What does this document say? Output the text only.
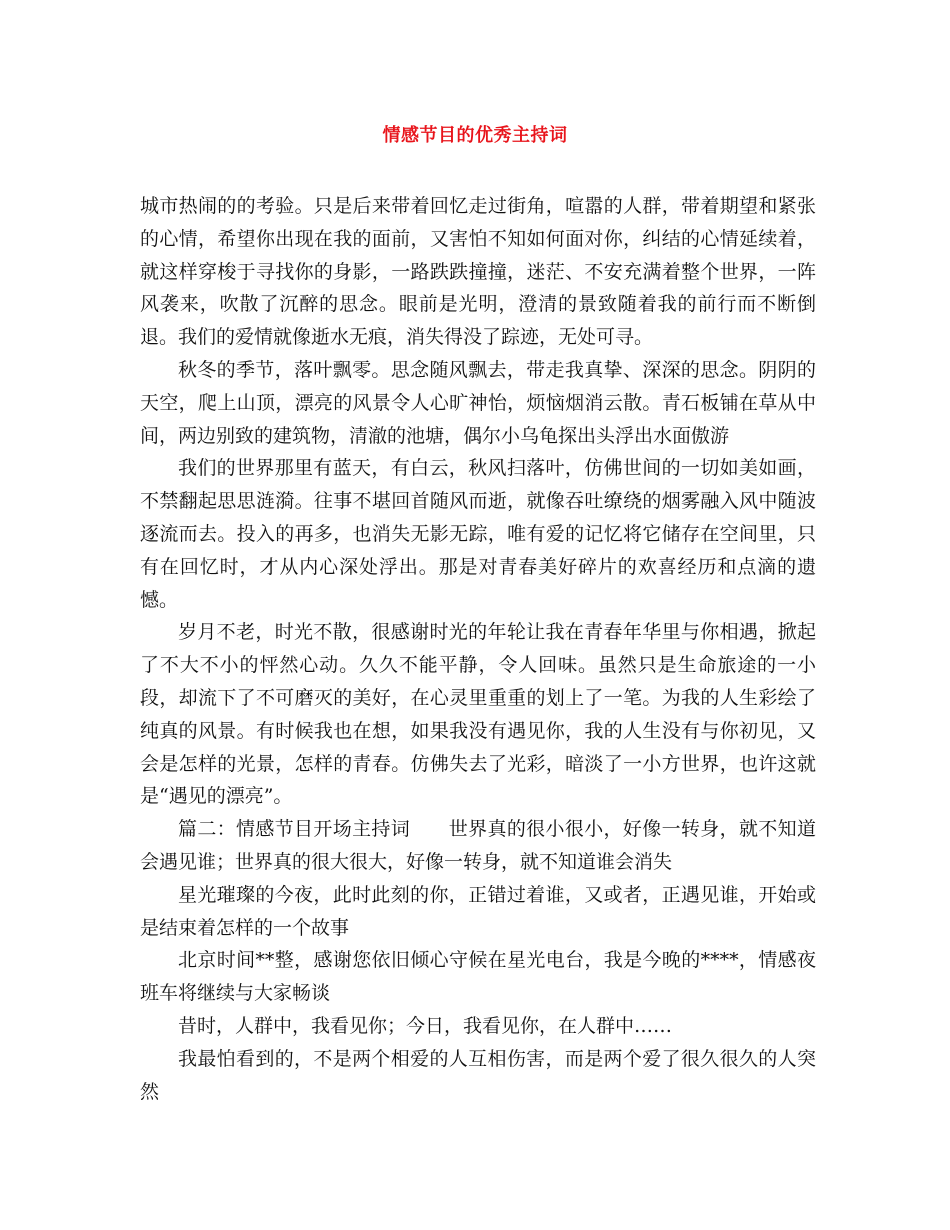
情感节目的优秀主持词

城市热闹的的考验。只是后来带着回忆走过街角，喧嚣的人群，带着期望和紧张的心情，希望你出现在我的面前，又害怕不知如何面对你，纠结的心情延续着，就这样穿梭于寻找你的身影，一路跌跌撞撞，迷茫、不安充满着整个世界，一阵风袭来，吹散了沉醉的思念。眼前是光明，澄清的景致随着我的前行而不断倒退。我们的爱情就像逝水无痕，消失得没了踪迹，无处可寻。

秋冬的季节，落叶飘零。思念随风飘去，带走我真挚、深深的思念。阴阴的天空，爬上山顶，漂亮的风景令人心旷神怡，烦恼烟消云散。青石板铺在草从中间，两边别致的建筑物，清澈的池塘，偶尔小乌龟探出头浮出水面傲游

我们的世界那里有蓝天，有白云，秋风扫落叶，仿佛世间的一切如美如画，不禁翻起思思涟漪。往事不堪回首随风而逝，就像吞吐缭绕的烟雾融入风中随波逐流而去。投入的再多，也消失无影无踪，唯有爱的记忆将它储存在空间里，只有在回忆时，才从内心深处浮出。那是对青春美好碎片的欢喜经历和点滴的遗憾。

岁月不老，时光不散，很感谢时光的年轮让我在青春年华里与你相遇，掀起了不大不小的怦然心动。久久不能平静，令人回味。虽然只是生命旅途的一小段，却流下了不可磨灭的美好，在心灵里重重的划上了一笔。为我的人生彩绘了纯真的风景。有时候我也在想，如果我没有遇见你，我的人生没有与你初见，又会是怎样的光景，怎样的青春。仿佛失去了光彩，暗淡了一小方世界，也许这就是“遇见的漂亮”。

篇二：情感节目开场主持词　　世界真的很小很小，好像一转身，就不知道会遇见谁；世界真的很大很大，好像一转身，就不知道谁会消失

星光璀璨的今夜，此时此刻的你，正错过着谁，又或者，正遇见谁，开始或是结束着怎样的一个故事

北京时间**整，感谢您依旧倾心守候在星光电台，我是今晚的****，情感夜班车将继续与大家畅谈

昔时，人群中，我看见你；今日，我看见你，在人群中……

我最怕看到的，不是两个相爱的人互相伤害，而是两个爱了很久很久的人突然
